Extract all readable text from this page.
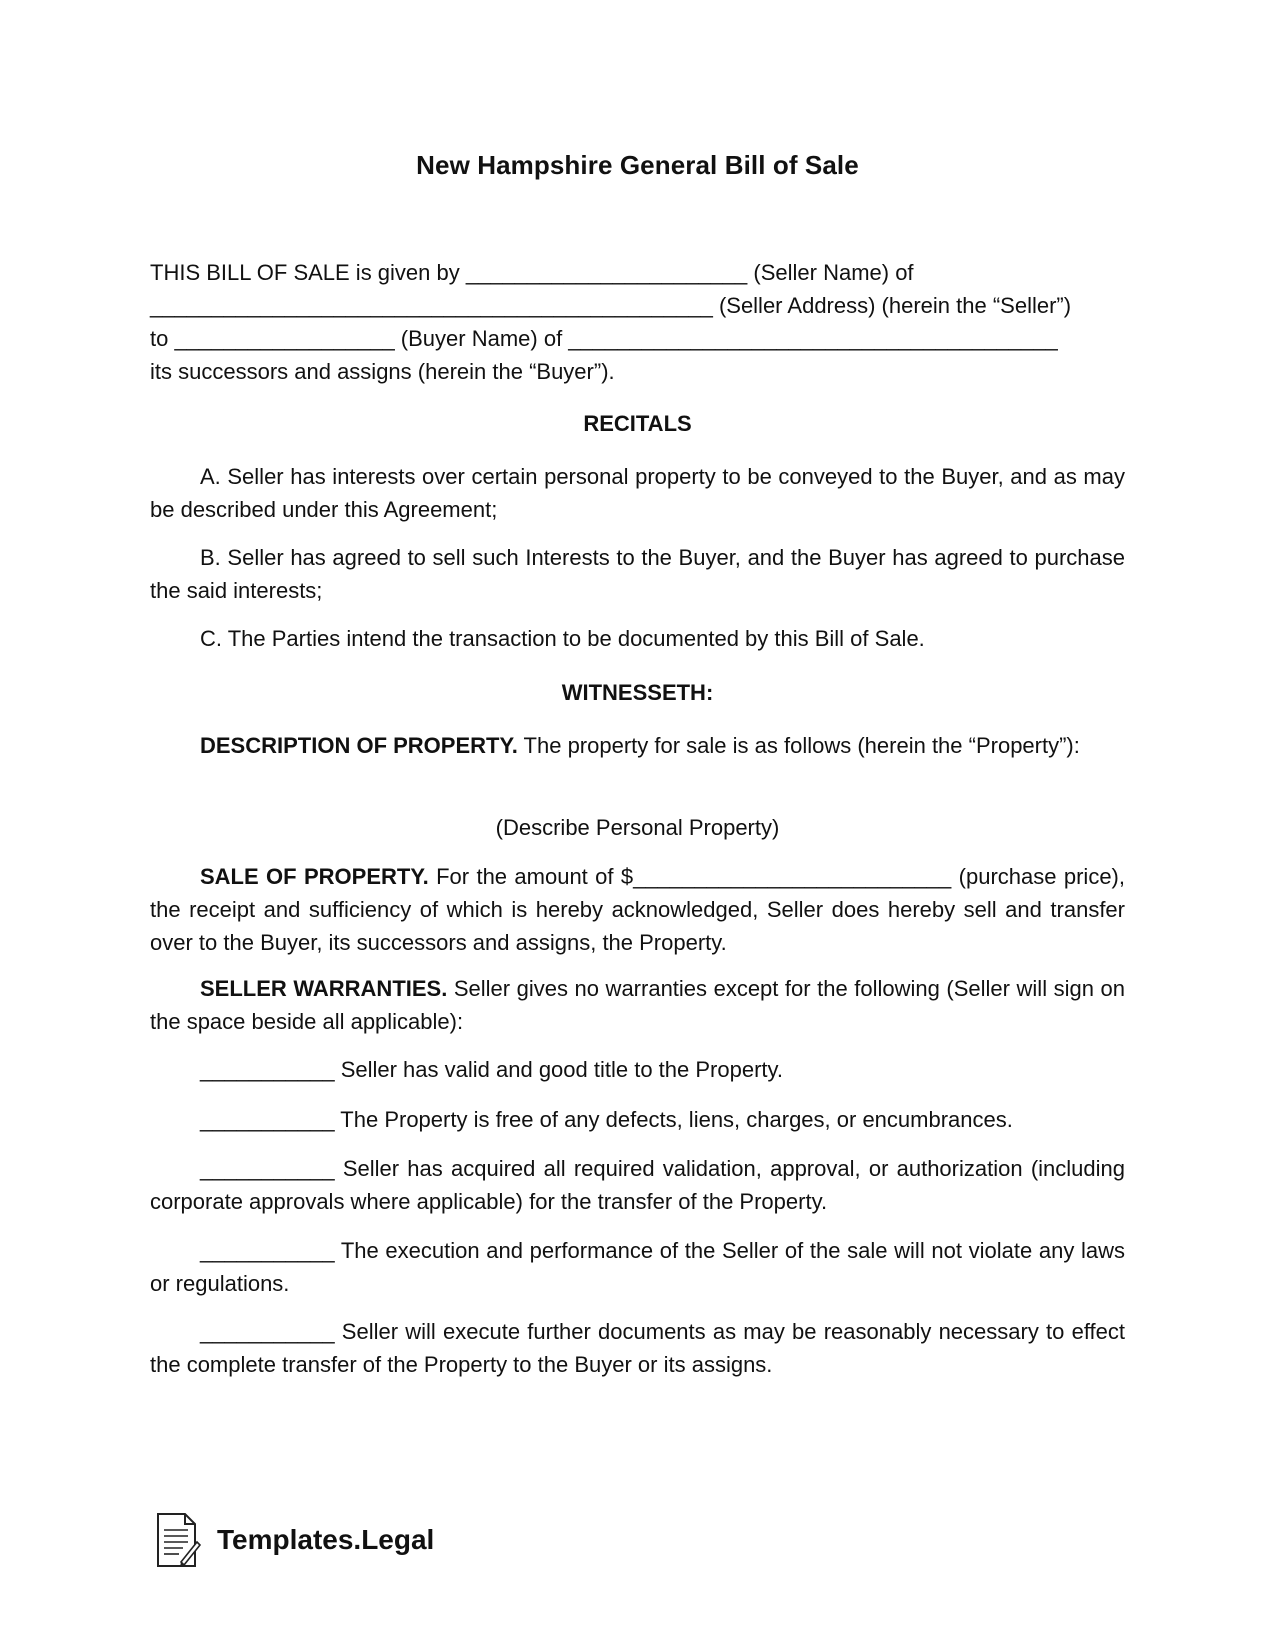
New Hampshire General Bill of Sale
THIS BILL OF SALE is given by _______________________ (Seller Name) of
______________________________________________ (Seller Address) (herein the “Seller”)
to __________________ (Buyer Name) of ________________________________________
its successors and assigns (herein the “Buyer”).
RECITALS
A. Seller has interests over certain personal property to be conveyed to the Buyer, and as may be described under this Agreement;
B. Seller has agreed to sell such Interests to the Buyer, and the Buyer has agreed to purchase the said interests;
C. The Parties intend the transaction to be documented by this Bill of Sale.
WITNESSETH:
DESCRIPTION OF PROPERTY. The property for sale is as follows (herein the “Property”):
(Describe Personal Property)
SALE OF PROPERTY. For the amount of $__________________________ (purchase price), the receipt and sufficiency of which is hereby acknowledged, Seller does hereby sell and transfer over to the Buyer, its successors and assigns, the Property.
SELLER WARRANTIES. Seller gives no warranties except for the following (Seller will sign on the space beside all applicable):
___________ Seller has valid and good title to the Property.
___________ The Property is free of any defects, liens, charges, or encumbrances.
___________ Seller has acquired all required validation, approval, or authorization (including corporate approvals where applicable) for the transfer of the Property.
___________ The execution and performance of the Seller of the sale will not violate any laws or regulations.
___________ Seller will execute further documents as may be reasonably necessary to effect the complete transfer of the Property to the Buyer or its assigns.
Templates.Legal
